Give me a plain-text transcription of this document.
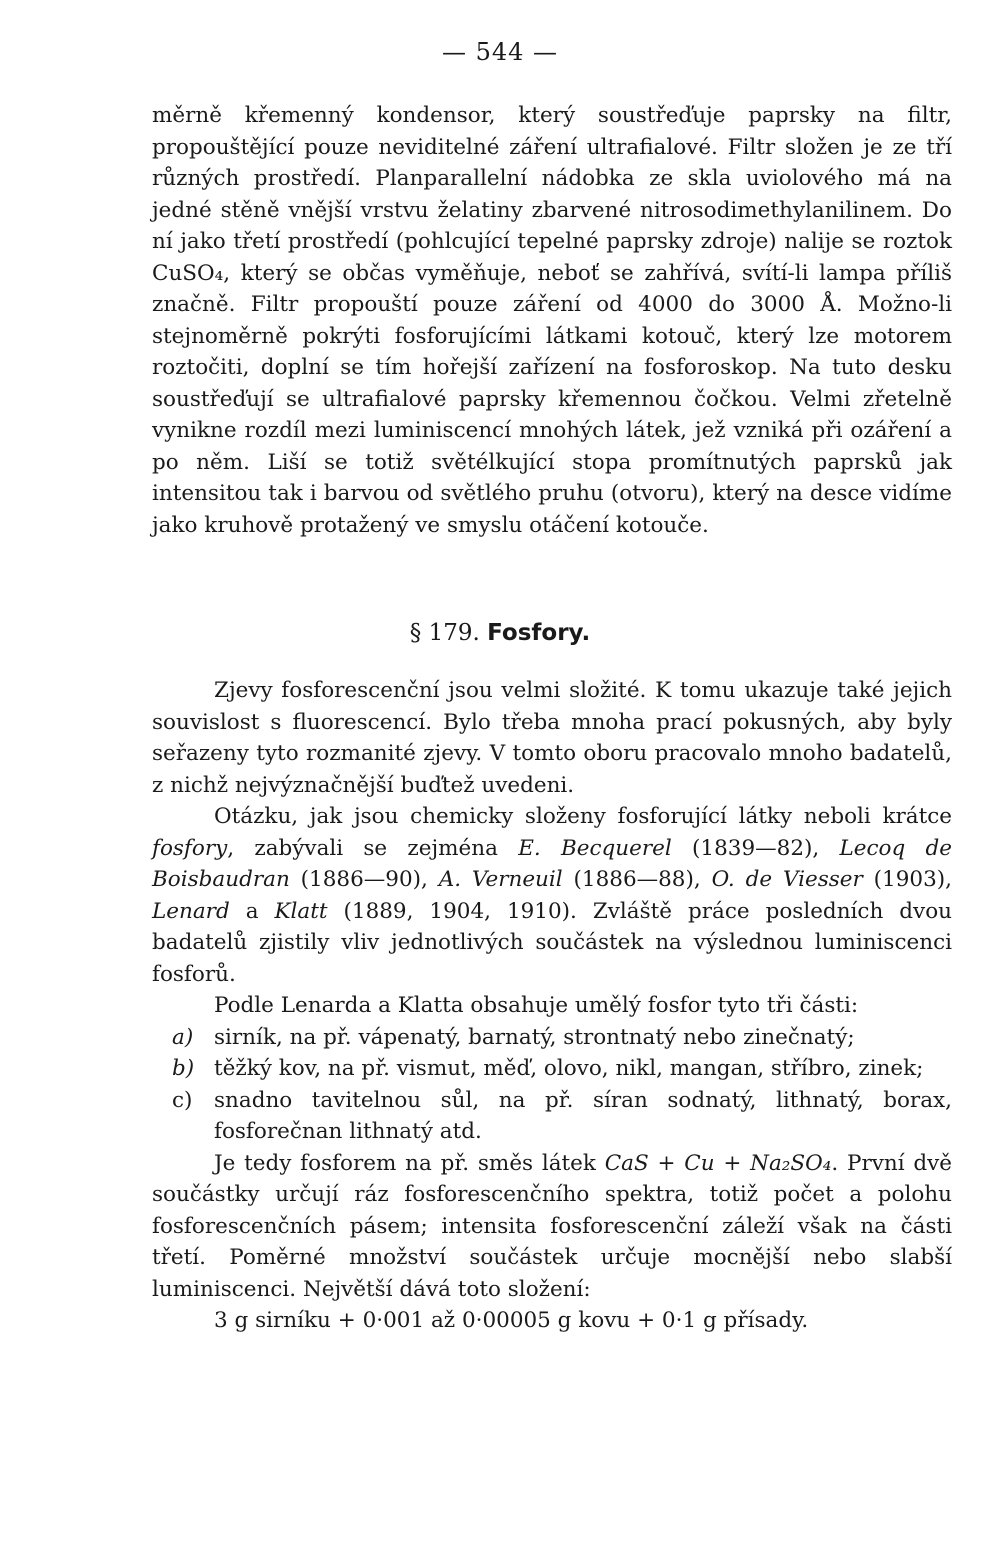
— 544 —

měrně křemenný kondensor, který soustřeďuje paprsky na filtr, propouštějící pouze neviditelné záření ultrafialové. Filtr složen je ze tří různých prostředí. Planparallelní nádobka ze skla uviolového má na jedné stěně vnější vrstvu želatiny zbarvené nitrosodimethylanilinem. Do ní jako třetí prostředí (pohlcující tepelné paprsky zdroje) nalije se roztok CuSO₄, který se občas vyměňuje, neboť se zahřívá, svítí-li lampa příliš značně. Filtr propouští pouze záření od 4000 do 3000 Å. Možno-li stejnoměrně pokrýti fosforujícími látkami kotouč, který lze motorem roztočiti, doplní se tím hořejší zařízení na fosforoskop. Na tuto desku soustřeďují se ultrafialové paprsky křemennou čočkou. Velmi zřetelně vynikne rozdíl mezi luminiscencí mnohých látek, jež vzniká při ozáření a po něm. Liší se totiž světélkující stopa promítnutých paprsků jak intensitou tak i barvou od světlého pruhu (otvoru), který na desce vidíme jako kruhově protažený ve smyslu otáčení kotouče.

§ 179. Fosfory.

Zjevy fosforescenční jsou velmi složité. K tomu ukazuje také jejich souvislost s fluorescencí. Bylo třeba mnoha prací pokusných, aby byly seřazeny tyto rozmanité zjevy. V tomto oboru pracovalo mnoho badatelů, z nichž nejvýznačnější buďtež uvedeni.

Otázku, jak jsou chemicky složeny fosforující látky neboli krátce fosfory, zabývali se zejména E. Becquerel (1839—82), Lecoq de Boisbaudran (1886—90), A. Verneuil (1886—88), O. de Viesser (1903), Lenard a Klatt (1889, 1904, 1910). Zvláště práce posledních dvou badatelů zjistily vliv jednotlivých součástek na výslednou luminiscenci fosforů.

Podle Lenarda a Klatta obsahuje umělý fosfor tyto tři části:

a) sirník, na př. vápenatý, barnatý, strontnatý nebo zinečnatý;
b) těžký kov, na př. vismut, měď, olovo, nikl, mangan, stříbro, zinek;
c) snadno tavitelnou sůl, na př. síran sodnatý, lithnatý, borax, fosforečnan lithnatý atd.

Je tedy fosforem na př. směs látek CaS + Cu + Na₂SO₄. První dvě součástky určují ráz fosforescenčního spektra, totiž počet a polohu fosforescenčních pásem; intensita fosforescenční záleží však na části třetí. Poměrné množství součástek určuje mocnější nebo slabší luminiscenci. Největší dává toto složení:

3 g sirníku + 0·001 až 0·00005 g kovu + 0·1 g přísady.
